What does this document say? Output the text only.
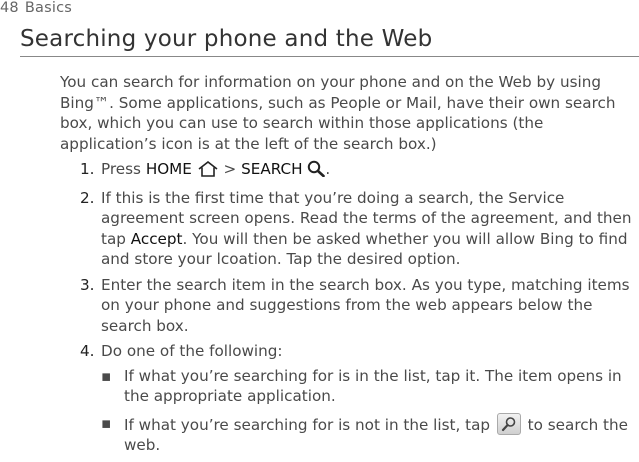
48 Basics
Searching your phone and the Web

You can search for information on your phone and on the Web by using Bing™. Some applications, such as People or Mail, have their own search box, which you can use to search within those applications (the application’s icon is at the left of the search box.)

1. Press HOME  > SEARCH .
2. If this is the first time that you’re doing a search, the Service agreement screen opens. Read the terms of the agreement, and then tap Accept. You will then be asked whether you will allow Bing to find and store your lcoation. Tap the desired option.
3. Enter the search item in the search box. As you type, matching items on your phone and suggestions from the web appears below the search box.
4. Do one of the following:
▪ If what you’re searching for is in the list, tap it. The item opens in the appropriate application.
▪ If what you’re searching for is not in the list, tap
to search the web.
